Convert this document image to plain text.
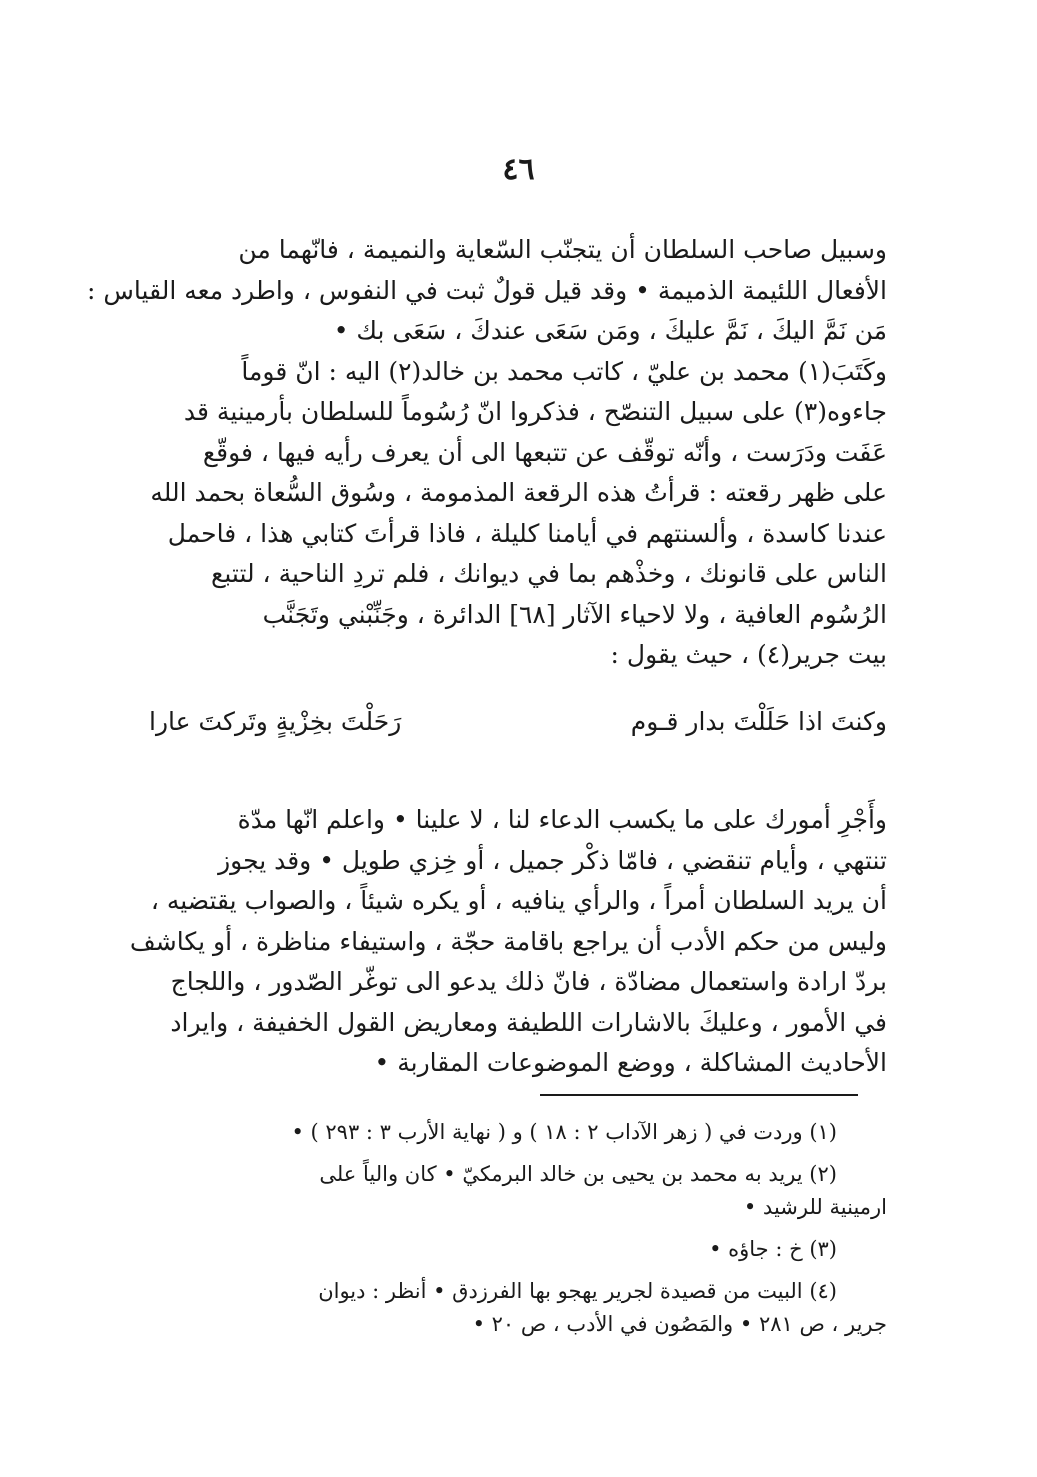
٤٦
وسبيل صاحب السلطان أن يتجنّب السّعاية والنميمة ، فانّهما من
الأفعال اللئيمة الذميمة • وقد قيل قولٌ ثبت في النفوس ، واطرد معه القياس :
مَن نَمَّ اليكَ ، نَمَّ عليكَ ، ومَن سَعَى عندكَ ، سَعَى بك •
وكَتَبَ(١) محمد بن عليّ ، كاتب محمد بن خالد(٢) اليه : انّ قوماً
جاءوه(٣) على سبيل التنصّح ، فذكروا انّ رُسُوماً للسلطان بأرمينية قد
عَفَت ودَرَست ، وأنّه توقّف عن تتبعها الى أن يعرف رأيه فيها ، فوقّع
على ظهر رقعته : قرأتُ هذه الرقعة المذمومة ، وسُوق السُّعاة بحمد الله
عندنا كاسدة ، وألسنتهم في أيامنا كليلة ، فاذا قرأتَ كتابي هذا ، فاحمل
الناس على قانونك ، وخذْهم بما في ديوانك ، فلم تردِ الناحية ، لتتبع
الرُسُوم العافية ، ولا لاحياء الآثار [٦٨] الدائرة ، وجَنِّبْني وتَجَنَّب
بيت جرير(٤) ، حيث يقول :
وكنتَ اذا حَلَلْتَ بدار قـوم
رَحَلْتَ بخِزْيةٍ وتَركتَ عارا
وأَجْرِ أمورك على ما يكسب الدعاء لنا ، لا علينا • واعلم انّها مدّة
تنتهي ، وأيام تنقضي ، فامّا ذكْر جميل ، أو خِزي طويل • وقد يجوز
أن يريد السلطان أمراً ، والرأي ينافيه ، أو يكره شيئاً ، والصواب يقتضيه ،
وليس من حكم الأدب أن يراجع باقامة حجّة ، واستيفاء مناظرة ، أو يكاشف
بردّ ارادة واستعمال مضادّة ، فانّ ذلك يدعو الى توغّر الصّدور ، واللجاج
في الأمور ، وعليكَ بالاشارات اللطيفة ومعاريض القول الخفيفة ، وايراد
الأحاديث المشاكلة ، ووضع الموضوعات المقاربة •
(١) وردت في ( زهر الآداب ٢ : ١٨ ) و ( نهاية الأرب ٣ : ٢٩٣ ) •
(٢) يريد به محمد بن يحيى بن خالد البرمكيّ • كان والياً على
ارمينية للرشيد •
(٣) خ : جاؤه •
(٤) البيت من قصيدة لجرير يهجو بها الفرزدق • أنظر : ديوان
جرير ، ص ٢٨١ • والمَصُون في الأدب ، ص ٢٠ •
